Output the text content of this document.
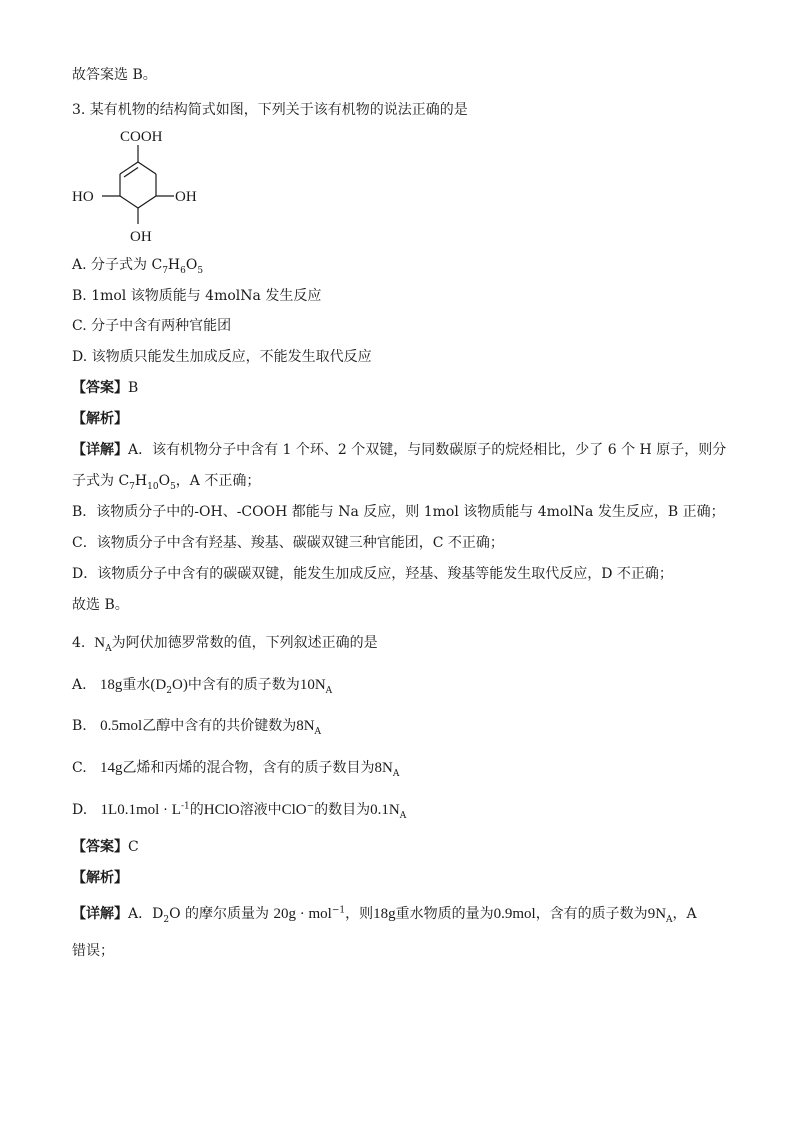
故答案选 B。
3. 某有机物的结构简式如图，下列关于该有机物的说法正确的是
COOH
HO	OH
OH
A. 分子式为 $C_7H_6O_5$
B. 1mol 该物质能与 4molNa 发生反应
C. 分子中含有两种官能团
D. 该物质只能发生加成反应，不能发生取代反应
【答案】B
【解析】
【详解】A．该有机物分子中含有 1 个环、2 个双键，与同数碳原子的烷烃相比，少了 6 个 H 原子，则分
子式为 $C_7H_{10}O_5$，A 不正确；
B．该物质分子中的-OH、-COOH 都能与 Na 反应，则 1mol 该物质能与 4molNa 发生反应，B 正确；
C．该物质分子中含有羟基、羧基、碳碳双键三种官能团，C 不正确；
D．该物质分子中含有的碳碳双键，能发生加成反应，羟基、羧基等能发生取代反应，D 不正确；
故选 B。
4. $N_A$为阿伏加德罗常数的值，下列叙述正确的是
A. 18g重水$(D_2O)$中含有的质子数为$10N_A$
B. 0.5mol乙醇中含有的共价键数为$8N_A$
C. 14g乙烯和丙烯的混合物，含有的质子数目为$8N_A$
D. $1L0.1mol \cdot L^{-1}$的HClO溶液中ClO−的数目为$0.1N_A$
【答案】C
【解析】
【详解】A．$D_2O$ 的摩尔质量为 20g · mol$^{-1}$，则18g重水物质的量为0.9mol，含有的质子数为$9N_A$，A
错误；
